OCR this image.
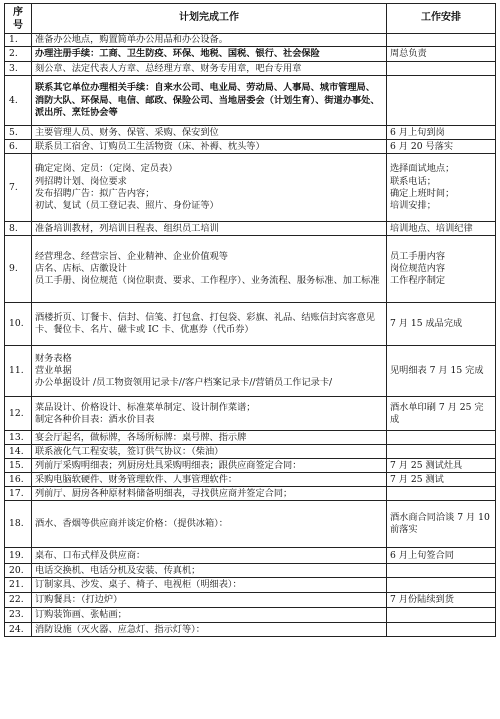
序
号	计划完成工作	工作安排
1.	准备办公地点，购置简单办公用品和办公设备。	

2.	办理注册手续：工商、卫生防疫、环保、地税、国税、银行、社会保险	周总负责

3.	刻公章、法定代表人方章、总经理方章、财务专用章，吧台专用章	

4.	联系其它单位办理相关手续：自来水公司、电业局、劳动局、人事局、城市管理局、消防大队、环保局、电信、邮政、保险公司、当地居委会（计划生育）、街道办事处、派出所、烹饪协会等	

5.	主要管理人员、财务、保管、采购、保安到位	6 月上旬到岗

6.	联系员工宿舍、订购员工生活物资（床、补褥、枕头等）	6 月 20 号落实

7.	确定定岗、定员：（定岗、定员表）
列招聘计划、岗位要求
发布招聘广告：拟广告内容；
初试、复试（员工登记表、照片、身份证等）	选择面试地点；
联系电话；
确定上班时间；
培训安排；

8.	准备培训教材，列培训日程表、组织员工培训	培训地点、培训纪律

9.	经营理念、经营宗旨、企业精神、企业价值观等
店名、店标、店徽设计
员工手册、岗位规范（岗位职责、要求、工作程序）、业务流程、服务标准、加工标准	员工手册内容
岗位规范内容
工作程序制定

10.	酒楼折页、订餐卡、信封、信笺、打包盒、打包袋、彩旗、礼品、结账信封宾客意见卡、餐位卡、名片、磁卡或 IC 卡、优惠券（代币券）	7 月 15 成品完成

11.	财务表格
营业单据
办公单据设计 /员工物资领用记录卡//客户档案记录卡//营销员工作记录卡/	见明细表 7 月 15 完成

12.	菜品设计、价格设计、标准菜单制定、设计制作菜谱；
制定各种价目表：酒水价目表	酒水单印刷 7 月 25 完成

13.	宴会厅起名，做标牌，各场所标牌：桌号牌、指示牌	

14.	联系液化气工程安装，签订供气协议：（柴油）	

15.	列前厅采购明细表；列厨房灶具采购明细表；跟供应商签定合同：	7 月 25 测试灶具

16.	采购电脑软硬件、财务管理软件、人事管理软件：	7 月 25 测试

17.	列前厅、厨房各种原材料储备明细表，寻找供应商并签定合同；	

18.	酒水、香烟等供应商并谈定价格：（提供冰箱）：	酒水商合同洽谈 7 月 10 前落实

19.	桌布、口布式样及供应商：	6 月上旬签合同

20.	电话交换机、电话分机及安装、传真机；	

21.	订制家具、沙发、桌子、椅子、电视柜（明细表）：	

22.	订购餐具：（打边炉）	7 月份陆续到货

23.	订购装饰画、张帖画；	

24.	消防设施（灭火器、应急灯、指示灯等）：	
